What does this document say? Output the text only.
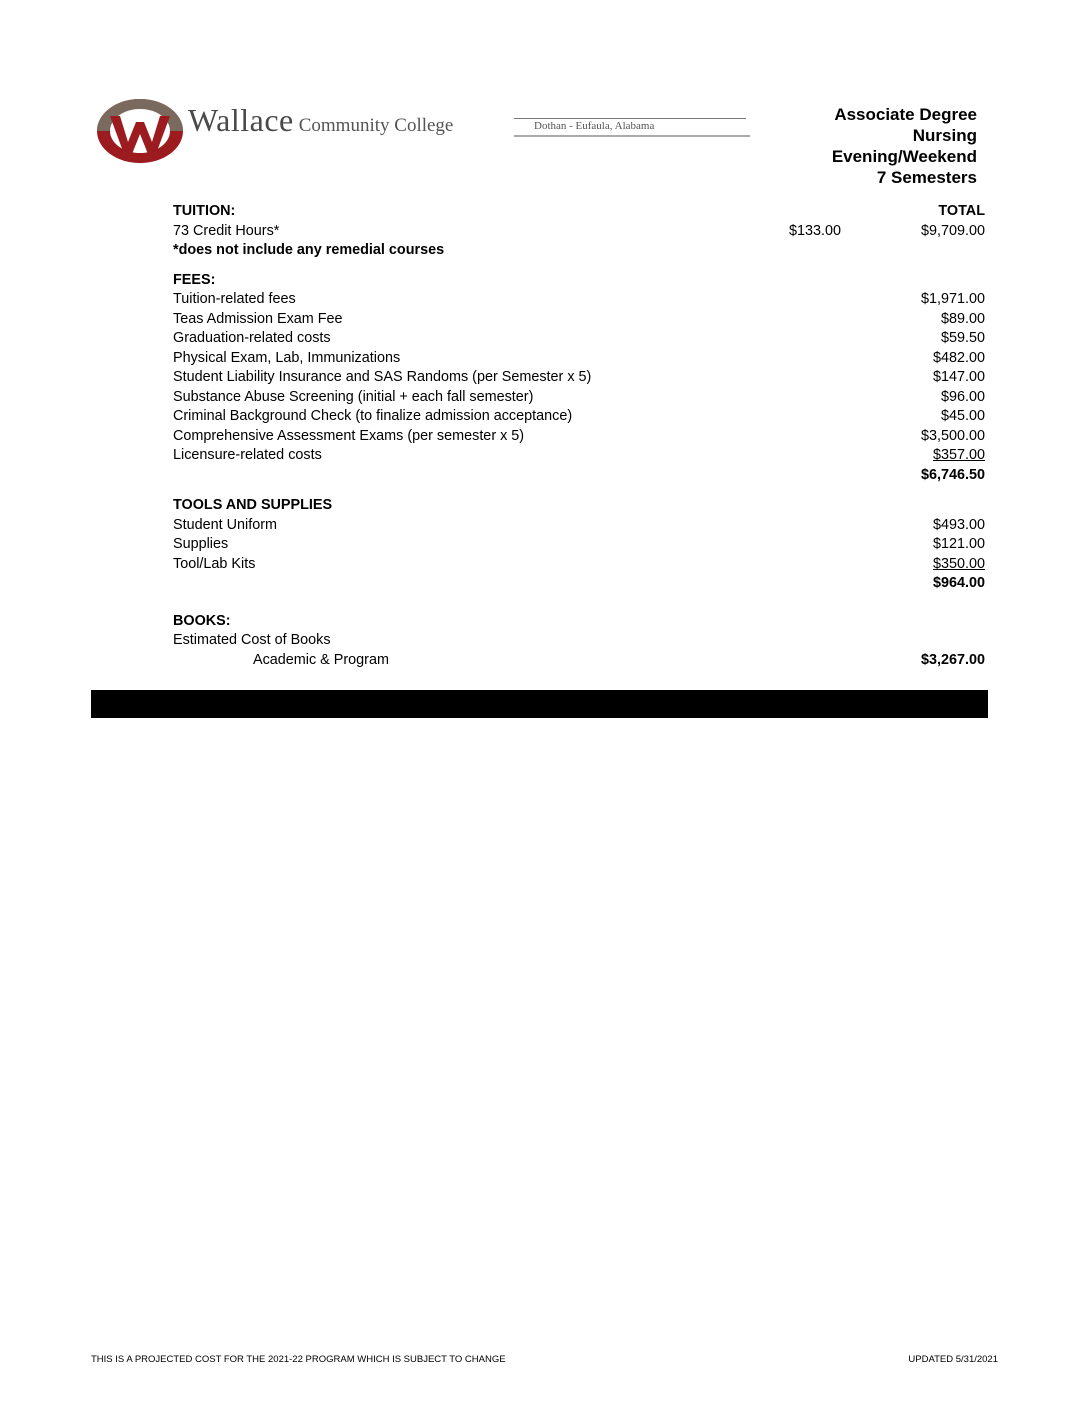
Wallace Community College	Dothan - Eufaula, Alabama
Associate Degree
Nursing
Evening/Weekend
7 Semesters
TUITION:	TOTAL
73 Credit Hours*	$133.00	$9,709.00
*does not include any remedial courses
FEES:
Tuition-related fees	$1,971.00
Teas Admission Exam Fee	$89.00
Graduation-related costs	$59.50
Physical Exam, Lab, Immunizations	$482.00
Student Liability Insurance and SAS Randoms (per Semester x 5)	$147.00
Substance Abuse Screening (initial + each fall semester)	$96.00
Criminal Background Check (to finalize admission acceptance)	$45.00
Comprehensive Assessment Exams (per semester x 5)	$3,500.00
Licensure-related costs	$357.00
$6,746.50
TOOLS AND SUPPLIES
Student Uniform	$493.00
Supplies	$121.00
Tool/Lab Kits	$350.00
$964.00
BOOKS:
Estimated Cost of Books
Academic & Program	$3,267.00
THIS IS A PROJECTED COST FOR THE 2021-22 PROGRAM WHICH IS SUBJECT TO CHANGE	UPDATED 5/31/2021
